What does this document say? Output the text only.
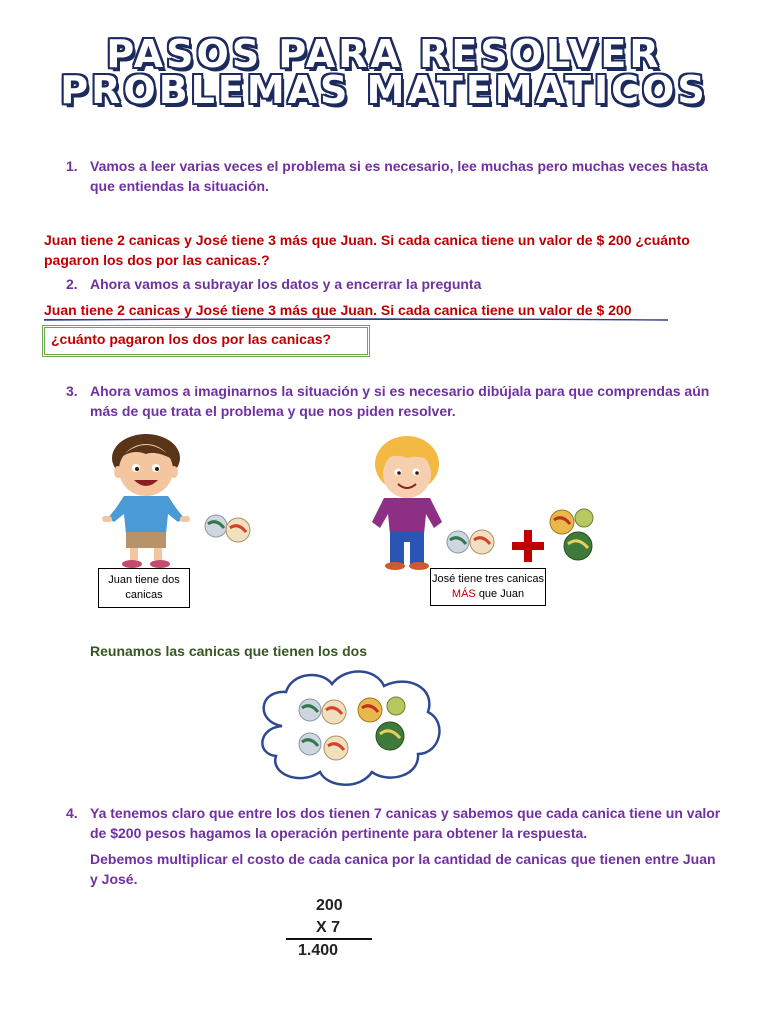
PASOS PARA RESOLVER
PROBLEMAS MATEMATICOS
1. Vamos a leer varias veces el problema si es necesario, lee muchas pero muchas veces hasta que entiendas la situación.
Juan tiene 2 canicas y José tiene 3 más que Juan. Si cada canica tiene un valor de $ 200 ¿cuánto pagaron los dos por las canicas.?
2. Ahora vamos a subrayar los datos y a encerrar la pregunta
Juan tiene 2 canicas y José tiene 3 más que Juan. Si cada canica tiene un valor de $ 200
¿cuánto pagaron los dos por las canicas?
3. Ahora vamos a imaginarnos la situación y si es necesario dibújala para que comprendas aún más de que trata el problema y que nos piden resolver.
Juan tiene dos canicas
José tiene tres canicas
MÁS que Juan
Reunamos las canicas que tienen los dos
4. Ya tenemos claro que entre los dos tienen 7 canicas y sabemos que cada canica tiene un valor de $200 pesos hagamos la operación pertinente para obtener la respuesta.
Debemos multiplicar el costo de cada canica por la cantidad de canicas que tienen entre Juan y José.
200
X 7
1.400
